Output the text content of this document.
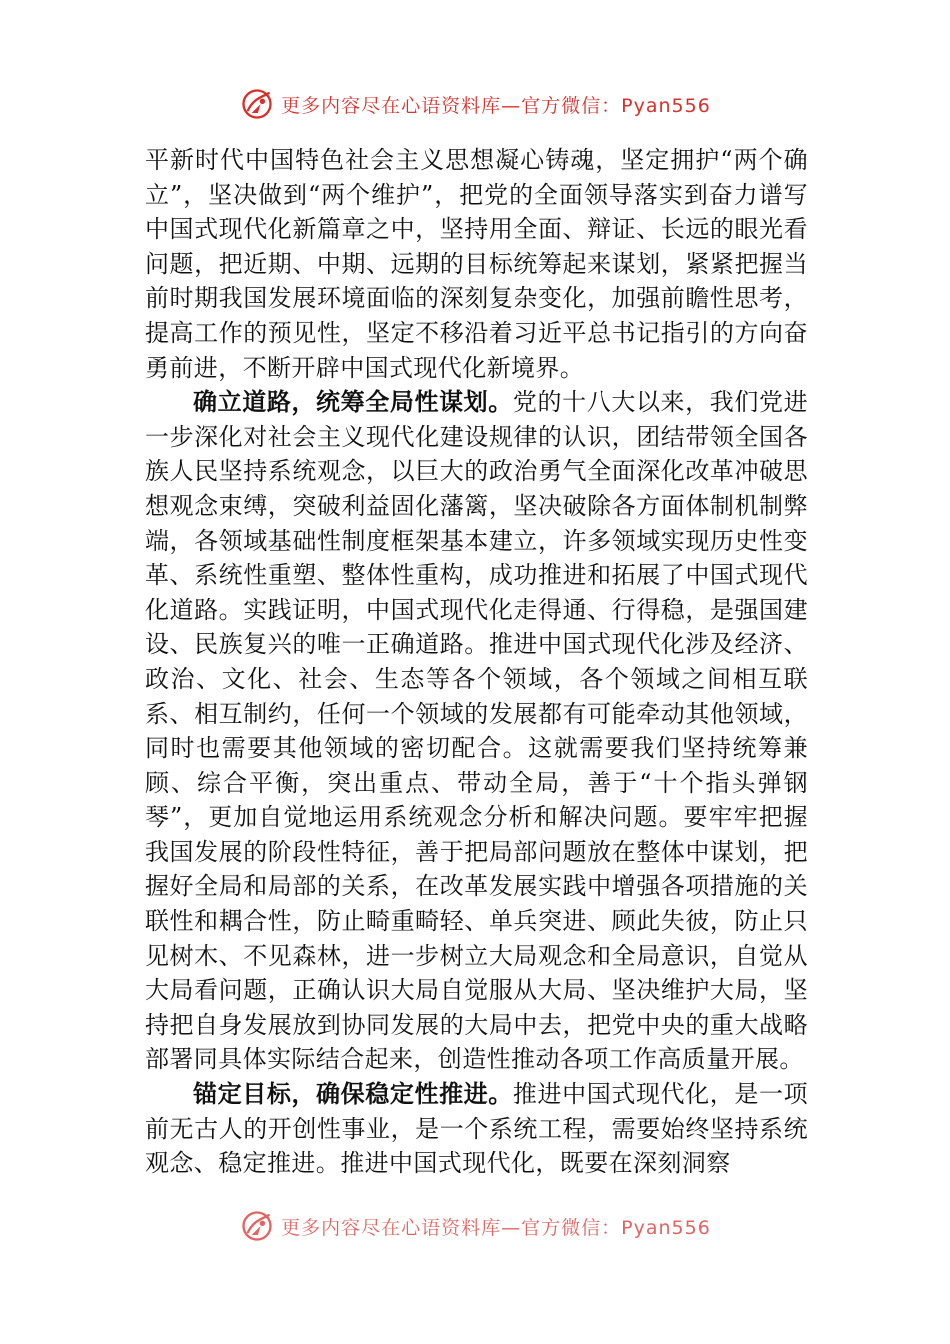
更多内容尽在心语资料库—官方微信：Pyan556

平新时代中国特色社会主义思想凝心铸魂，坚定拥护“两个确立”，坚决做到“两个维护”，把党的全面领导落实到奋力谱写中国式现代化新篇章之中，坚持用全面、辩证、长远的眼光看问题，把近期、中期、远期的目标统筹起来谋划，紧紧把握当前时期我国发展环境面临的深刻复杂变化，加强前瞻性思考，提高工作的预见性，坚定不移沿着习近平总书记指引的方向奋勇前进，不断开辟中国式现代化新境界。

确立道路，统筹全局性谋划。党的十八大以来，我们党进一步深化对社会主义现代化建设规律的认识，团结带领全国各族人民坚持系统观念，以巨大的政治勇气全面深化改革冲破思想观念束缚，突破利益固化藩篱，坚决破除各方面体制机制弊端，各领域基础性制度框架基本建立，许多领域实现历史性变革、系统性重塑、整体性重构，成功推进和拓展了中国式现代化道路。实践证明，中国式现代化走得通、行得稳，是强国建设、民族复兴的唯一正确道路。推进中国式现代化涉及经济、政治、文化、社会、生态等各个领域，各个领域之间相互联系、相互制约，任何一个领域的发展都有可能牵动其他领域，同时也需要其他领域的密切配合。这就需要我们坚持统筹兼顾、综合平衡，突出重点、带动全局，善于“十个指头弹钢琴”，更加自觉地运用系统观念分析和解决问题。要牢牢把握我国发展的阶段性特征，善于把局部问题放在整体中谋划，把握好全局和局部的关系，在改革发展实践中增强各项措施的关联性和耦合性，防止畸重畸轻、单兵突进、顾此失彼，防止只见树木、不见森林，进一步树立大局观念和全局意识，自觉从大局看问题，正确认识大局自觉服从大局、坚决维护大局，坚持把自身发展放到协同发展的大局中去，把党中央的重大战略部署同具体实际结合起来，创造性推动各项工作高质量开展。

锚定目标，确保稳定性推进。推进中国式现代化，是一项前无古人的开创性事业，是一个系统工程，需要始终坚持系统观念、稳定推进。推进中国式现代化，既要在深刻洞察

更多内容尽在心语资料库—官方微信：Pyan556
